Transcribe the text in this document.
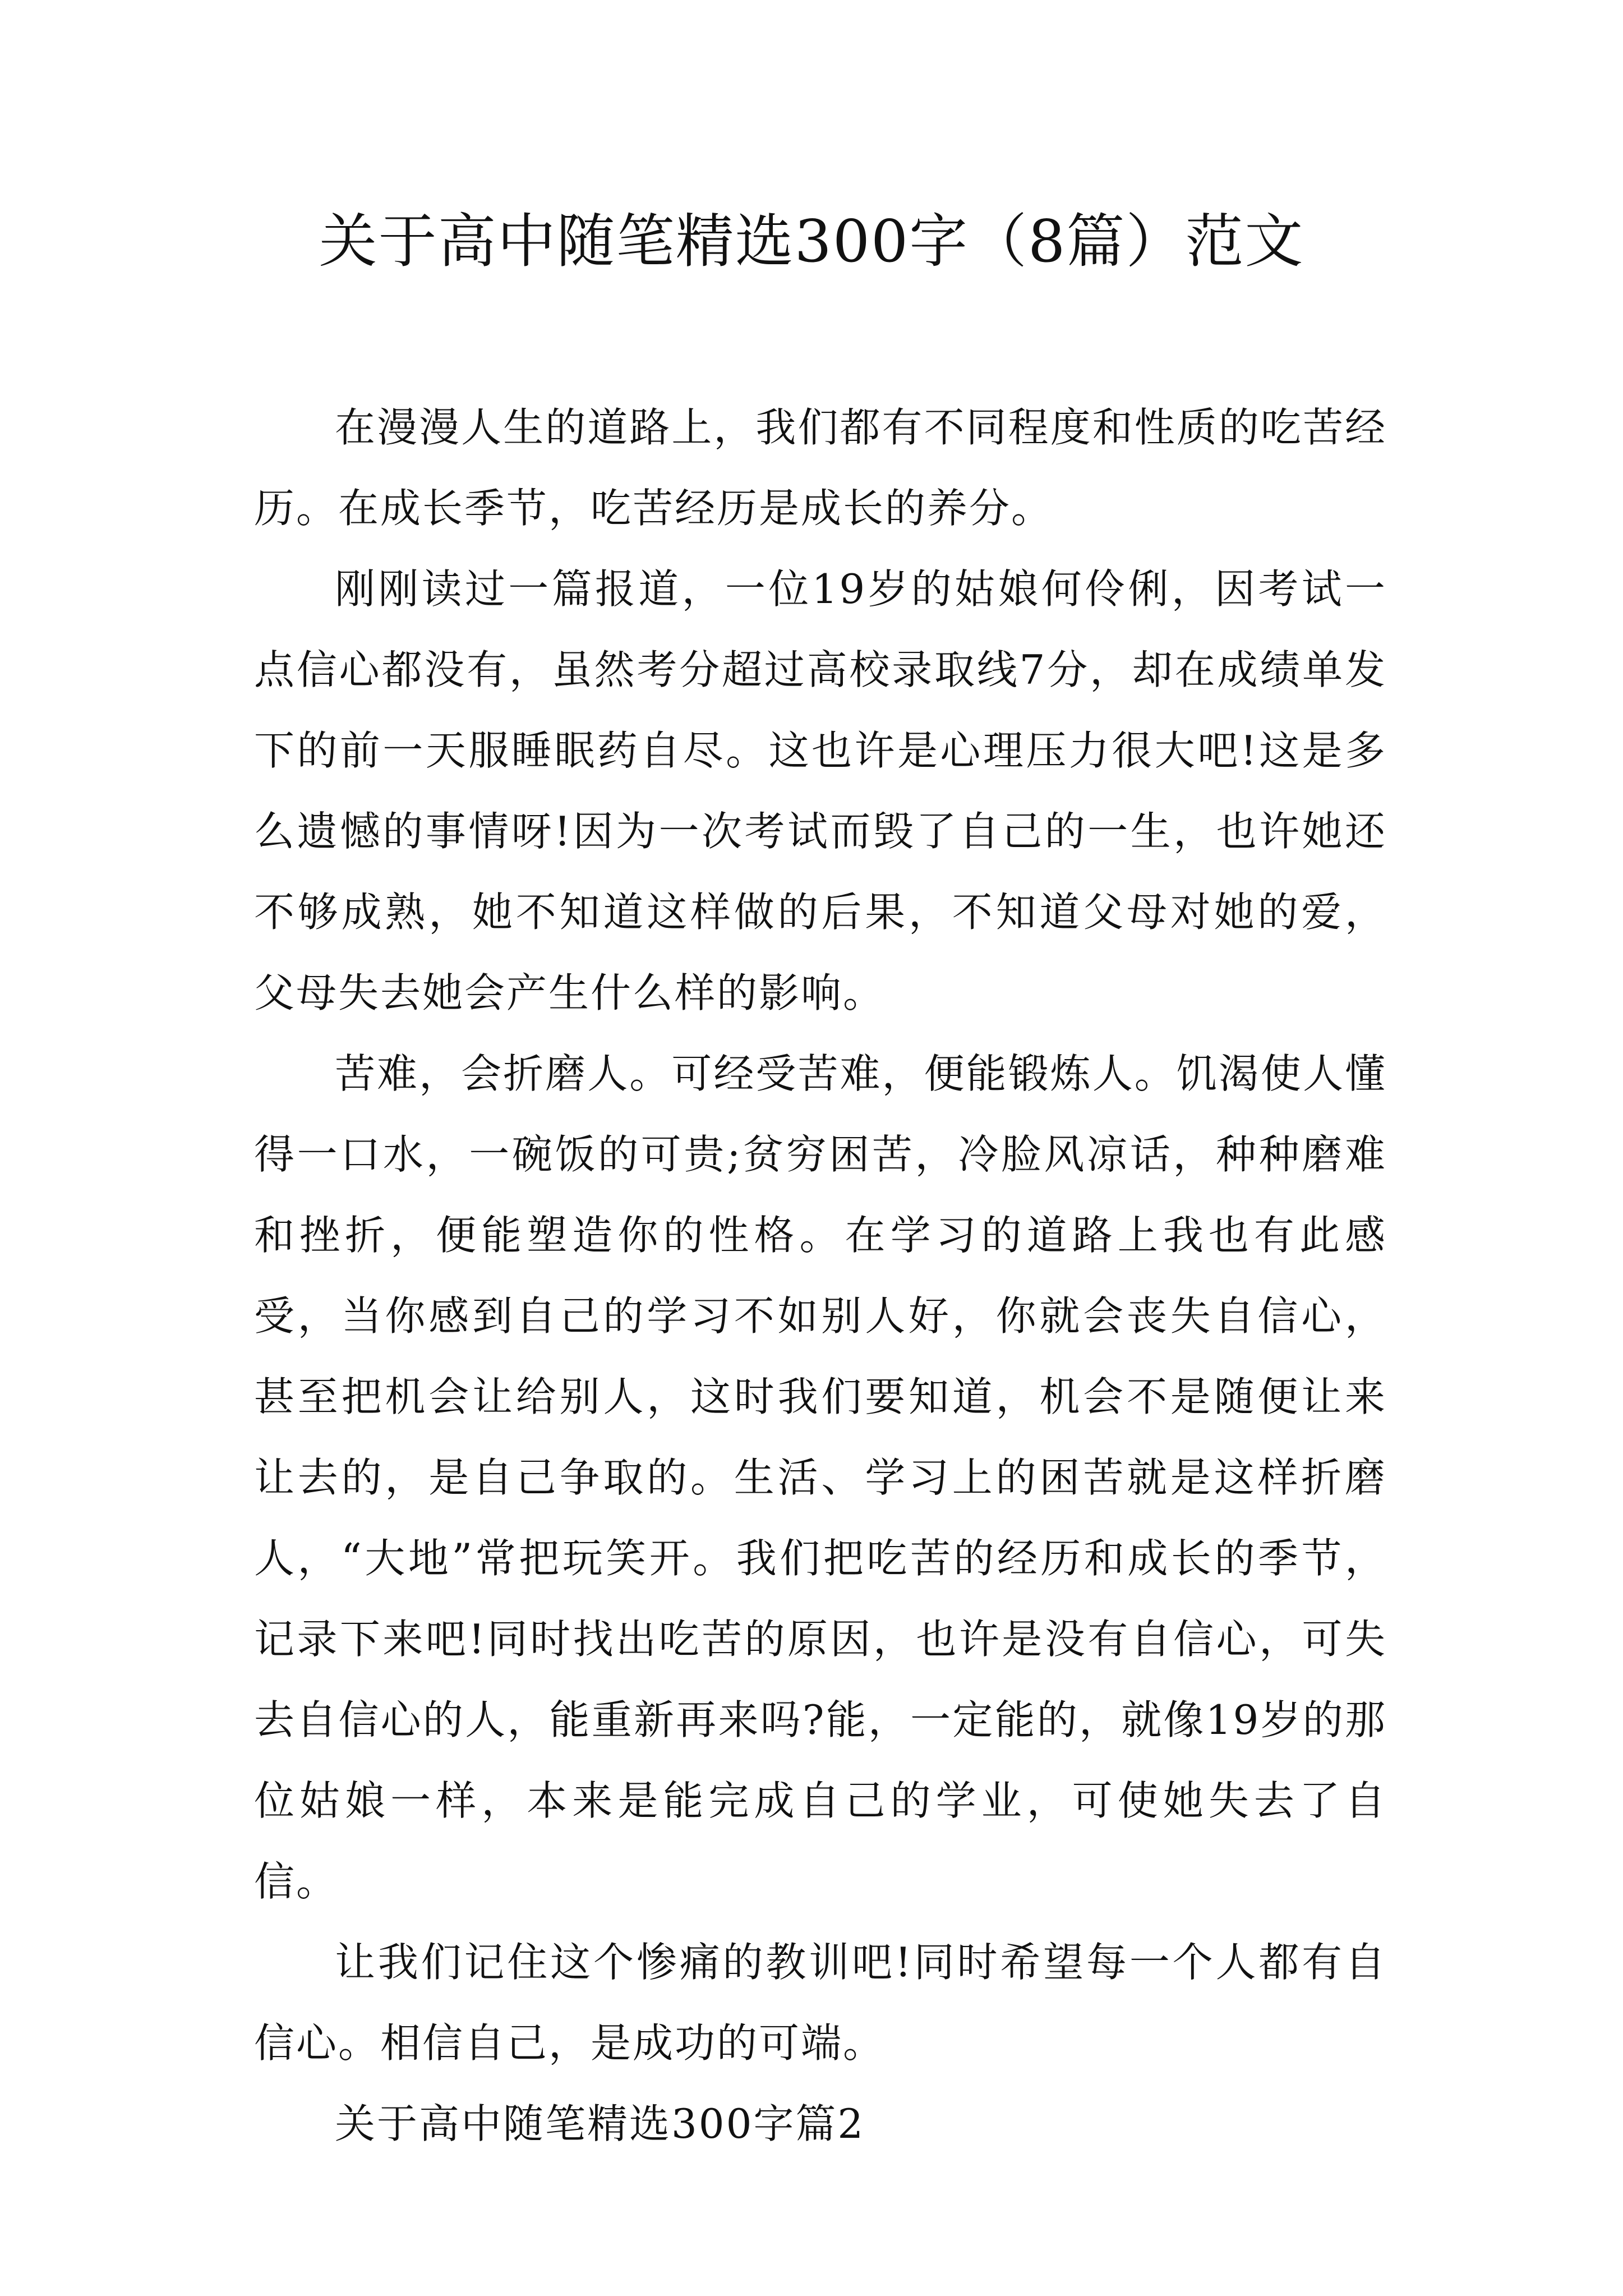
关于高中随笔精选300字（8篇）范文

在漫漫人生的道路上，我们都有不同程度和性质的吃苦经历。在成长季节，吃苦经历是成长的养分。

刚刚读过一篇报道，一位19岁的姑娘何伶俐，因考试一点信心都没有，虽然考分超过高校录取线7分，却在成绩单发下的前一天服睡眠药自尽。这也许是心理压力很大吧!这是多么遗憾的事情呀!因为一次考试而毁了自己的一生，也许她还不够成熟，她不知道这样做的后果，不知道父母对她的爱，父母失去她会产生什么样的影响。

苦难，会折磨人。可经受苦难，便能锻炼人。饥渴使人懂得一口水，一碗饭的可贵;贫穷困苦，冷脸风凉话，种种磨难和挫折，便能塑造你的性格。在学习的道路上我也有此感受，当你感到自己的学习不如别人好，你就会丧失自信心，甚至把机会让给别人，这时我们要知道，机会不是随便让来让去的，是自己争取的。生活、学习上的困苦就是这样折磨人，“大地”常把玩笑开。我们把吃苦的经历和成长的季节，记录下来吧!同时找出吃苦的原因，也许是没有自信心，可失去自信心的人，能重新再来吗?能，一定能的，就像19岁的那位姑娘一样，本来是能完成自己的学业，可使她失去了自信。

让我们记住这个惨痛的教训吧!同时希望每一个人都有自信心。相信自己，是成功的可端。

关于高中随笔精选300字篇2
